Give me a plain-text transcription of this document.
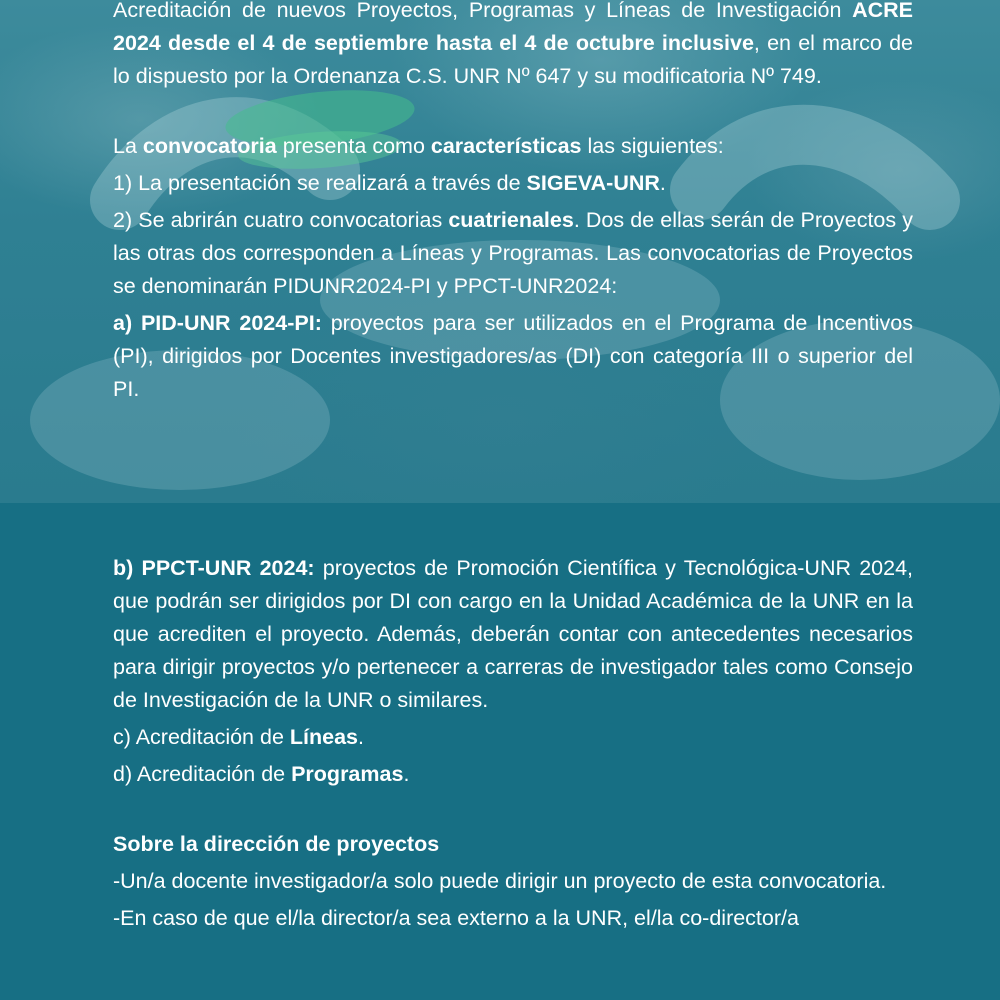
Acreditación de nuevos Proyectos, Programas y Líneas de Investigación ACRE 2024 desde el 4 de septiembre hasta el 4 de octubre inclusive, en el marco de lo dispuesto por la Ordenanza C.S. UNR Nº 647 y su modificatoria Nº 749.

La convocatoria presenta como características las siguientes:

1) La presentación se realizará a través de SIGEVA-UNR.

2) Se abrirán cuatro convocatorias cuatrienales. Dos de ellas serán de Proyectos y las otras dos corresponden a Líneas y Programas. Las convocatorias de Proyectos se denominarán PIDUNR2024-PI y PPCT-UNR2024:

a) PID-UNR 2024-PI: proyectos para ser utilizados en el Programa de Incentivos (PI), dirigidos por Docentes investigadores/as (DI) con categoría III o superior del PI.

b) PPCT-UNR 2024: proyectos de Promoción Científica y Tecnológica-UNR 2024, que podrán ser dirigidos por DI con cargo en la Unidad Académica de la UNR en la que acrediten el proyecto. Además, deberán contar con antecedentes necesarios para dirigir proyectos y/o pertenecer a carreras de investigador tales como Consejo de Investigación de la UNR o similares.

c) Acreditación de Líneas.

d) Acreditación de Programas.

Sobre la dirección de proyectos

-Un/a docente investigador/a solo puede dirigir un proyecto de esta convocatoria.

-En caso de que el/la director/a sea externo a la UNR, el/la co-director/a
